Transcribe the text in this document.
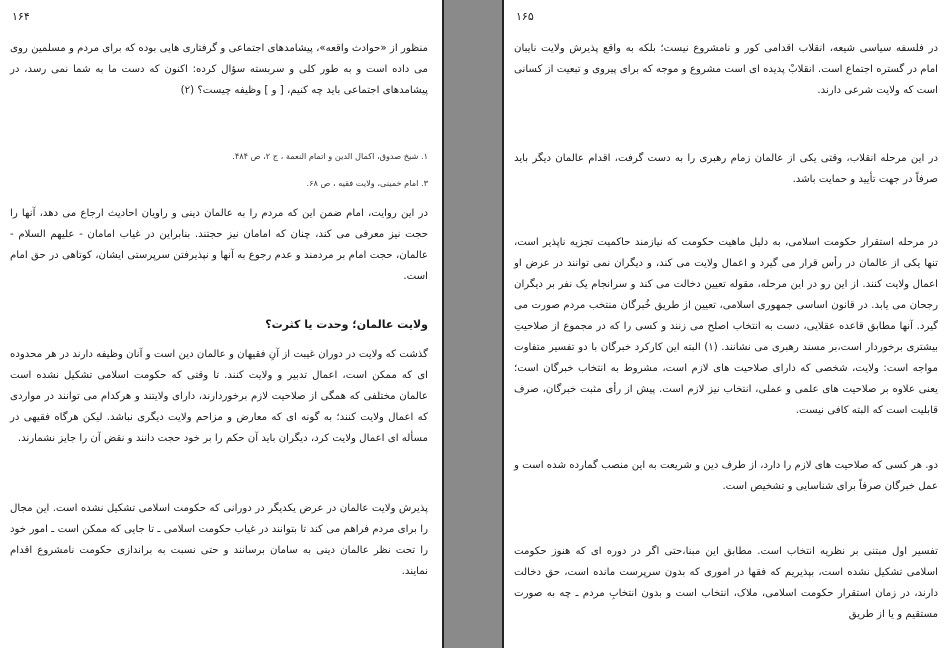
۱۶۴

منظور از «حوادث واقعه»، پیشامدهای اجتماعی و گرفتاری هایی بوده که برای مردم و مسلمین روی می داده است و به طور کلی و سربسته سؤال کرده: اکنون که دست ما به شما نمی رسد، در پیشامدهای اجتماعی باید چه کنیم، [ و ] وظیفه چیست؟ (۲)

۱. شیخ صدوق، اکمال الدین و اتمام النعمة ، ج ۲، ص ۴۸۴.

۳. امام خمینی، ولایت فقیه ، ص ۶۸.

در این روایت، امام ضمن این که مردم را به عالمان دینی و راویان احادیث ارجاع می دهد، آنها را حجت نیز معرفی می کند، چنان که امامان نیز حجتند. بنابراین در غیاب امامان - علیهم السلام - عالمان، حجت امام بر مردمند و عدم رجوع به آنها و نپذیرفتن سرپرستی ایشان، کوتاهی در حق امام است.

ولایت عالمان؛ وحدت یا کثرت؟

گذشت که ولایت در دوران غیبت از آنِ فقیهان و عالمان دین است و آنان وظیفه دارند در هر محدوده ای که ممکن است، اعمال تدبیر و ولایت کنند. تا وقتی که حکومت اسلامی تشکیل نشده است عالمان مختلفی که همگی از صلاحیت لازم برخوردارند، دارای ولایتند و هرکدام می توانند در مواردی که اعمال ولایت کنند؛ به گونه ای که معارض و مزاحم ولایت دیگری نباشد. لیکن هرگاه فقیهی در مسأله ای اعمال ولایت کرد، دیگران باید آن حکم را بر خود حجت دانند و نقض آن را جایز نشمارند.

پذیرش ولایت عالمان در عرض یکدیگر در دورانی که حکومت اسلامی تشکیل نشده است. این مجال را برای مردم فراهم می کند تا بتوانند در غیاب حکومت اسلامی ـ تا جایی که ممکن است ـ امور خود را تحت نظر عالمان دینی به سامان برسانند و حتی نسبت به براندازی حکومت نامشروع اقدام نمایند.

۱۶۵

در فلسفه سیاسی شیعه، انقلاب اقدامی کور و نامشروع نیست؛ بلکه به واقع پذیرش ولایت نایبان امام در گستره اجتماع است. انقلابْ پدیده ای است مشروع و موجه که برای پیروی و تبعیت از کسانی است که ولایت شرعی دارند.

در این مرحله انقلاب، وقتی یکی از عالمان زمام رهبری را به دست گرفت، اقدام عالمان دیگر باید صرفاً در جهت تأیید و حمایت باشد.

در مرحله استقرار حکومت اسلامی، به دلیل ماهیت حکومت که نیازمند حاکمیت تجزیه ناپذیر است، تنها یکی از عالمان در رأس قرار می گیرد و اعمال ولایت می کند، و دیگران نمی توانند در عرض او اعمال ولایت کنند. از این رو در این مرحله، مقوله تعیین دخالت می کند و سرانجام یک نفر بر دیگران رجحان می یابد. در قانون اساسی جمهوری اسلامی، تعیین از طریق خُبرگان منتخب مردم صورت می گیرد. آنها مطابق قاعده عقلایی، دست به انتخاب اصلح می زنند و کسی را که در مجموع از صلاحیتِ بیشتری برخوردار است،بر مسند رهبری می نشانند. (۱) البته این کارکرد خبرگان با دو تفسیر متفاوت مواجه است: ولایت، شخصی که دارای صلاحیت های لازم است، مشروط به انتخاب خبرگان است؛ یعنی علاوه بر صلاحیت های علمی و عملی، انتخاب نیز لازم است. پیش از رأی مثبت خبرگان، صرف قابلیت است که البته کافی نیست.

دو. هر کسی که صلاحیت های لازم را دارد، از طرف دین و شریعت به این منصب گمارده شده است و عمل خبرگان صرفاً برای شناسایی و تشخیص است.

تفسیر اول مبتنی بر نظریه انتخاب است. مطابق این مبنا،حتی اگر در دوره ای که هنوز حکومت اسلامی تشکیل نشده است، بپذیریم که فقها در اموری که بدون سرپرست مانده است، حق دخالت دارند، در زمان استقرار حکومت اسلامی، ملاک، انتخاب است و بدون انتخابِ مردم ـ چه به صورت مستقیم و یا از طریق
